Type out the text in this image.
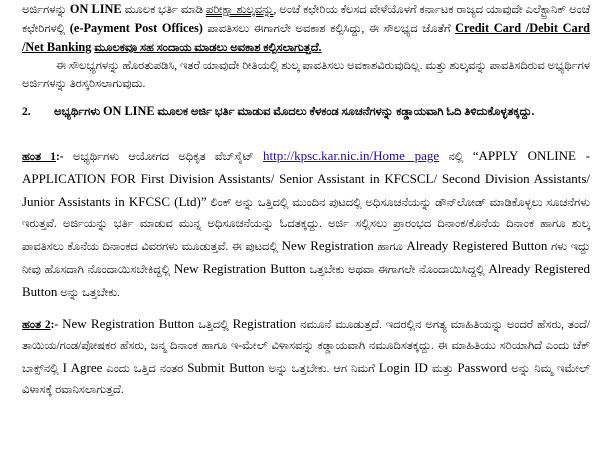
ಅರ್ಜಿಗಳನ್ನು ON LINE ಮೂಲಕ ಭರ್ತಿ ಮಾಡಿ ಪರೀಕ್ಷಾ ಶುಲ್ಕವನ್ನು, ಅಂಚೆ ಕಛೇರಿಯ ಕೆಲಸದ ವೇಳೆಯೊಳಗೆ ಕರ್ನಾಟಕ ರಾಜ್ಯದ ಯಾವುದೇ ಎಲೆಕ್ಟ್ರಾನಿಕ್ ಅಂಚೆ ಕಛೇರಿಗಳಲ್ಲಿ (e-Payment Post Offices) ಪಾವತಿಸಲು ಈಗಾಗಲೇ ಅವಕಾಶ ಕಲ್ಪಿಸಿದ್ದು, ಈ ಸೌಲಭ್ಯದ ಜೊತೆಗೆ Credit Card /Debit Card /Net Banking ಮೂಲಕವೂ ಸಹ ಸಂದಾಯ ಮಾಡಲು ಅವಕಾಶ ಕಲ್ಪಿಸಲಾಗುತ್ತದೆ.
ಈ ಸೌಲಭ್ಯಗಳನ್ನು ಹೊರತುಪಡಿಸಿ, ಇತರೆ ಯಾವುದೇ ರೀತಿಯಲ್ಲಿ ಶುಲ್ಕ ಪಾವತಿಸಲು ಅವಕಾಶವಿರುವುದಿಲ್ಲ. ಮತ್ತು ಶುಲ್ಕವನ್ನು ಪಾವತಿಸದಿರುವ ಅಭ್ಯರ್ಥಿಗಳ ಅರ್ಜಿಗಳನ್ನು ತಿರಸ್ಕರಿಸಲಾಗುವುದು.

2. ಅಭ್ಯರ್ಥಿಗಳು ON LINE ಮೂಲಕ ಅರ್ಜಿ ಭರ್ತಿ ಮಾಡುವ ಮೊದಲು ಕೆಳಕಂಡ ಸೂಚನೆಗಳನ್ನು ಕಡ್ಡಾಯವಾಗಿ ಓದಿ ತಿಳಿದುಕೊಳ್ಳತಕ್ಕದ್ದು.

ಹಂತ 1:- ಅಭ್ಯರ್ಥಿಗಳು ಆಯೋಗದ ಅಧಿಕೃತ ವೆಬ್‌ಸೈಟ್ http://kpsc.kar.nic.in/Home page ನಲ್ಲಿ “APPLY ONLINE -APPLICATION FOR First Division Assistants/ Senior Assistant in KFCSCL/ Second Division Assistants/ Junior Assistants in KFCSC (Ltd)” ಲಿಂಕ್ ಅನ್ನು ಒತ್ತಿದಲ್ಲಿ ಮುಂದಿನ ಪುಟದಲ್ಲಿ ಅಧಿಸೂಚನೆಯನ್ನು ಡೌನ್‌ಲೋಡ್ ಮಾಡಿಕೊಳ್ಳಲು ಸೂಚನೆಗಳು ಇರುತ್ತವೆ. ಅರ್ಜಿಯನ್ನು ಭರ್ತಿ ಮಾಡುವ ಮುನ್ನ ಅಧಿಸೂಚನೆಯನ್ನು ಓದತಕ್ಕದ್ದು. ಅರ್ಜಿ ಸಲ್ಲಿಸಲು ಪ್ರಾರಂಭದ ದಿನಾಂಕ/ಕೊನೆಯ ದಿನಾಂಕ ಹಾಗೂ ಶುಲ್ಕ ಪಾವತಿಸಲು ಕೊನೆಯ ದಿನಾಂಕದ ವಿವರಗಳು ಮೂಡುತ್ತವೆ. ಈ ಪುಟದಲ್ಲಿ New Registration ಹಾಗೂ Already Registered Button ಗಳು ಇದ್ದು ನೀವು ಹೊಸದಾಗಿ ನೊಂದಾಯಿಸಬೇಕಿದ್ದಲ್ಲಿ New Registration Button ಒತ್ತಬೇಕು ಅಥವಾ ಈಗಾಗಲೇ ನೊಂದಾಯಿಸಿದ್ದಲ್ಲಿ Already Registered Button ಅನ್ನು ಒತ್ತಬೇಕು.

ಹಂತ 2:- New Registration Button ಒತ್ತಿದಲ್ಲಿ Registration ನಮೂನೆ ಮೂಡುತ್ತದೆ. ಇದರಲ್ಲಿನ ಅಗತ್ಯ ಮಾಹಿತಿಯನ್ನು ಅಂದರೆ ಹೆಸರು, ತಂದೆ/ತಾಯಿಯ/ಗಂಡ/ಪೋಷಕರ ಹೆಸರು, ಜನ್ಮ ದಿನಾಂಕ ಹಾಗೂ ಇ-ಮೇಲ್ ವಿಳಾಸವನ್ನು ಕಡ್ಡಾಯವಾಗಿ ನಮೂದಿಸತಕ್ಕದ್ದು. ಈ ಮಾಹಿತಿಯು ಸರಿಯಾಗಿದೆ ಎಂದು ಚೆಕ್ ಬಾಕ್ಸ್‌ನಲ್ಲಿ I Agree ಎಂದು ಒತ್ತಿದ ನಂತರ Submit Button ಅನ್ನು ಒತ್ತಬೇಕು. ಆಗ ನಿಮಗೆ Login ID ಮತ್ತು Password ಅನ್ನು ನಿಮ್ಮ ಇಮೇಲ್ ವಿಳಾಸಕ್ಕೆ ರವಾನಿಸಲಾಗುತ್ತದೆ.
